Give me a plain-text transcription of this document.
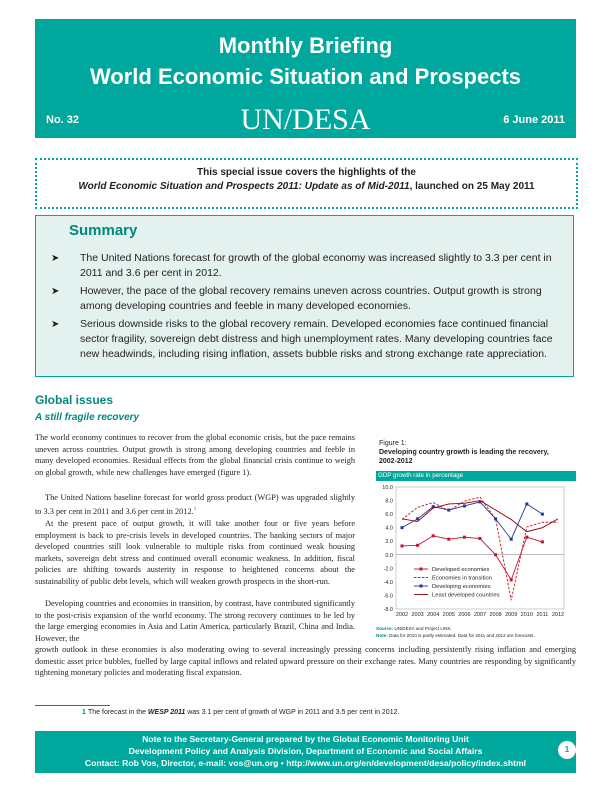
Monthly Briefing
World Economic Situation and Prospects
No. 32	UN/DESA	6 June 2011
This special issue covers the highlights of the
World Economic Situation and Prospects 2011: Update as of Mid-2011, launched on 25 May 2011
Summary
➤ The United Nations forecast for growth of the global economy was increased slightly to 3.3 per cent in 2011 and 3.6 per cent in 2012.
➤ However, the pace of the global recovery remains uneven across countries. Output growth is strong among developing countries and feeble in many developed economies.
➤ Serious downside risks to the global recovery remain. Developed economies face continued financial sector fragility, sovereign debt distress and high unemployment rates. Many developing countries face new headwinds, including rising inflation, assets bubble risks and strong exchange rate appreciation.
Global issues
A still fragile recovery

The world economy continues to recover from the global economic crisis, but the pace remains uneven across countries. Output growth is strong among developing countries and feeble in many developed economies. Residual effects from the global financial crisis continue to weigh on global growth, while new challenges have emerged (figure 1).

The United Nations baseline forecast for world gross product (WGP) was upgraded slightly to 3.3 per cent in 2011 and 3.6 per cent in 2012.$^1$

At the present pace of output growth, it will take another four or five years before employment is back to pre-crisis levels in developed countries. The banking sectors of major developed countries still look vulnerable to multiple risks from continued weak housing markets, sovereign debt stress and continued overall economic weakness. In addition, fiscal policies are shifting towards austerity in response to heightened concerns about the sustainability of public debt levels, which will weaken growth prospects in the short-run.

Developing countries and economies in transition, by contrast, have contributed significantly to the post-crisis expansion of the world economy. The strong recovery continues to be led by the large emerging economies in Asia and Latin America, particularly Brazil, China and India. However, the

growth outlook in these economies is also moderating owing to several increasingly pressing concerns including persistently rising inflation and emerging domestic asset price bubbles, fuelled by large capital inflows and related upward pressure on their exchange rates. Many countries are responding by significantly tightening monetary policies and moderating fiscal expansion.

Figure 1:
Developing country growth is leading the recovery, 2002-2012
GDP growth rate in percentage
-8.0
-6.0
-4.0
-2.0
0.0
2.0
4.0
6.0
8.0
10.0
2002 2003 2004 2005 2006 2007 2008 2009 2010 2011 2012
Developed economies
Economies in transition
Developing economies
Least developed countries
Source: UN/DESA and Project LINK.
Note: Data for 2010 is partly estimated. Data for 2011 and 2012 are forecasts.
1 The forecast in the WESP 2011 was 3.1 per cent of growth of WGP in 2011 and 3.5 per cent in 2012.
Note to the Secretary-General prepared by the Global Economic Monitoring Unit
Development Policy and Analysis Division, Department of Economic and Social Affairs
Contact: Rob Vos, Director, e-mail: vos@un.org • http://www.un.org/en/development/desa/policy/index.shtml
1
